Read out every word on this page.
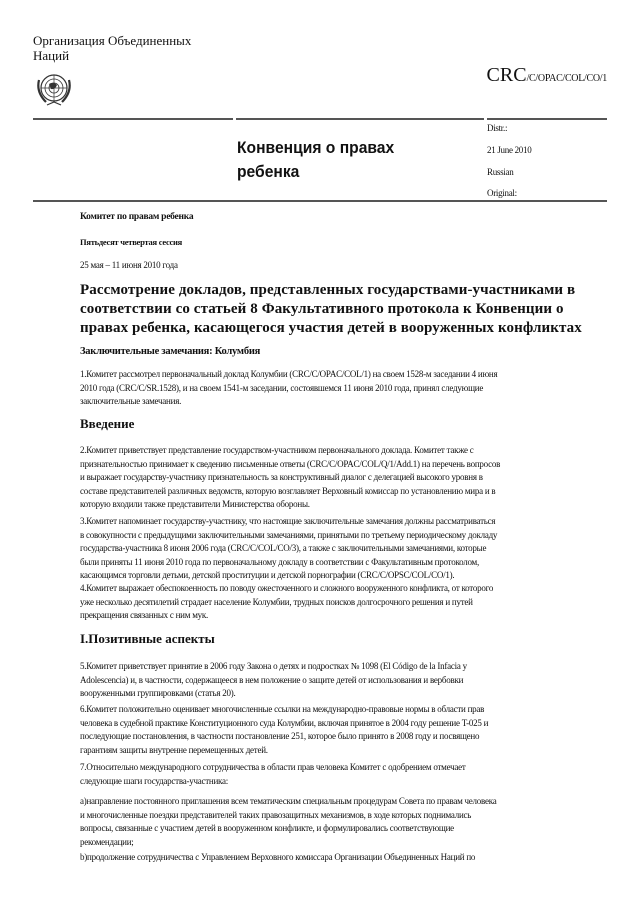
Организация Объединенных
Наций
CRC/C/OPAC/COL/CO/1
Конвенция о правах
ребенка
Distr.:
21 June 2010
Russian
Original:
Комитет по правам ребенка
Пятьдесят четвертая сессия
25 мая – 11 июня 2010 года
Рассмотрение докладов, представленных государствами-участниками в
соответствии со статьей 8 Факультативного протокола к Конвенции о
правах ребенка, касающегося участия детей в вооруженных конфликтах
Заключительные замечания: Колумбия
1.Комитет рассмотрел первоначальный доклад Колумбии (CRC/C/OPAC/COL/1) на своем 1528-м заседании 4 июня
2010 года (CRC/C/SR.1528), и на своем 1541-м заседании, состоявшемся 11 июня 2010 года, принял следующие
заключительные замечания.
Введение
2.Комитет приветствует представление государством-участником первоначального доклада. Комитет также с
признательностью принимает к сведению письменные ответы (CRC/C/OPAC/COL/Q/1/Add.1) на перечень вопросов
и выражает государству-участнику признательность за конструктивный диалог с делегацией высокого уровня в
составе представителей различных ведомств, которую возглавляет Верховный комиссар по установлению мира и в
которую входили также представители Министерства обороны.
3.Комитет напоминает государству-участнику, что настоящие заключительные замечания должны рассматриваться
в совокупности с предыдущими заключительными замечаниями, принятыми по третьему периодическому докладу
государства-участника 8 июня 2006 года (CRC/C/COL/CO/3), а также с заключительными замечаниями, которые
были приняты 11 июня 2010 года по первоначальному докладу в соответствии с Факультативным протоколом,
касающимся торговли детьми, детской проституции и детской порнографии (CRC/C/OPSC/COL/CO/1).
4.Комитет выражает обеспокоенность по поводу ожесточенного и сложного вооруженного конфликта, от которого
уже несколько десятилетий страдает население Колумбии, трудных поисков долгосрочного решения и путей
прекращения связанных с ним мук.
I.Позитивные аспекты
5.Комитет приветствует принятие в 2006 году Закона о детях и подростках № 1098 (El Código de la Infacia y
Adolescencia) и, в частности, содержащееся в нем положение о защите детей от использования и вербовки
вооруженными группировками (статья 20).
6.Комитет положительно оценивает многочисленные ссылки на международно-правовые нормы в области прав
человека в судебной практике Конституционного суда Колумбии, включая принятое в 2004 году решение T-025 и
последующие постановления, в частности постановление 251, которое было принято в 2008 году и посвящено
гарантиям защиты внутренне перемещенных детей.
7.Относительно международного сотрудничества в области прав человека Комитет с одобрением отмечает
следующие шаги государства-участника:
a)направление постоянного приглашения всем тематическим специальным процедурам Совета по правам человека
и многочисленные поездки представителей таких правозащитных механизмов, в ходе которых поднимались
вопросы, связанные с участием детей в вооруженном конфликте, и формулировались соответствующие
рекомендации;
b)продолжение сотрудничества с Управлением Верховного комиссара Организации Объединенных Наций по
